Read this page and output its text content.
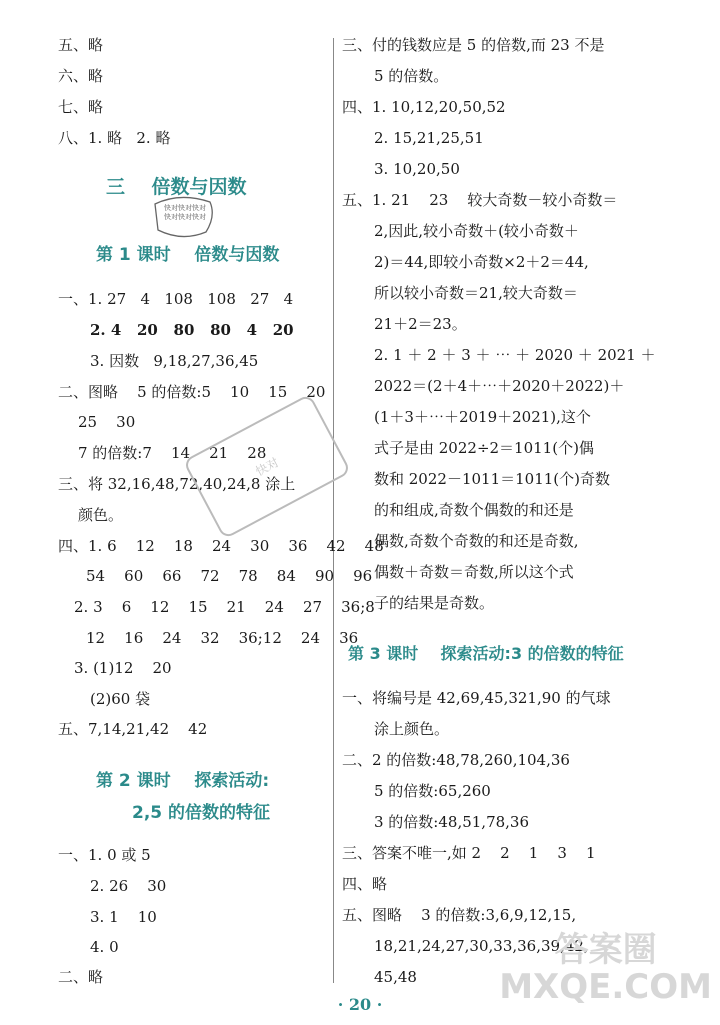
五、略
六、略
七、略
八、1. 略   2. 略
三    倍数与因数
快对快对快对
快对快对快对
第 1 课时    倍数与因数
一、1. 27   4   108   108   27   4
2. 4   20   80   80   4   20
3. 因数   9,18,27,36,45
二、图略    5 的倍数:5    10    15    20
25    30
7 的倍数:7    14    21    28
三、将 32,16,48,72,40,24,8 涂上
颜色。
四、1. 6    12    18    24    30    36    42    48
54    60    66    72    78    84    90    96
2. 3    6    12    15    21    24    27    36;8
12    16    24    32    36;12    24    36
3. (1)12    20
(2)60 袋
五、7,14,21,42    42
第 2 课时    探索活动:
2,5 的倍数的特征
一、1. 0 或 5
2. 26    30
3. 1    10
4. 0
二、略
三、付的钱数应是 5 的倍数,而 23 不是
5 的倍数。
四、1. 10,12,20,50,52
2. 15,21,25,51
3. 10,20,50
五、1. 21    23    较大奇数－较小奇数＝
2,因此,较小奇数＋(较小奇数＋
2)＝44,即较小奇数×2＋2＝44,
所以较小奇数＝21,较大奇数＝
21＋2＝23。
2. 1 ＋ 2 ＋ 3 ＋ ⋯ ＋ 2020 ＋ 2021 ＋
2022＝(2＋4＋⋯＋2020＋2022)＋
(1＋3＋⋯＋2019＋2021),这个
式子是由 2022÷2＝1011(个)偶
数和 2022－1011＝1011(个)奇数
的和组成,奇数个偶数的和还是
偶数,奇数个奇数的和还是奇数,
偶数＋奇数＝奇数,所以这个式
子的结果是奇数。
第 3 课时    探索活动:3 的倍数的特征
一、将编号是 42,69,45,321,90 的气球
涂上颜色。
二、2 的倍数:48,78,260,104,36
5 的倍数:65,260
3 的倍数:48,51,78,36
三、答案不唯一,如 2    2    1    3    1
四、略
五、图略    3 的倍数:3,6,9,12,15,
18,21,24,27,30,33,36,39,42,
45,48
快对
答案圈
MXQE.COM
· 20 ·
